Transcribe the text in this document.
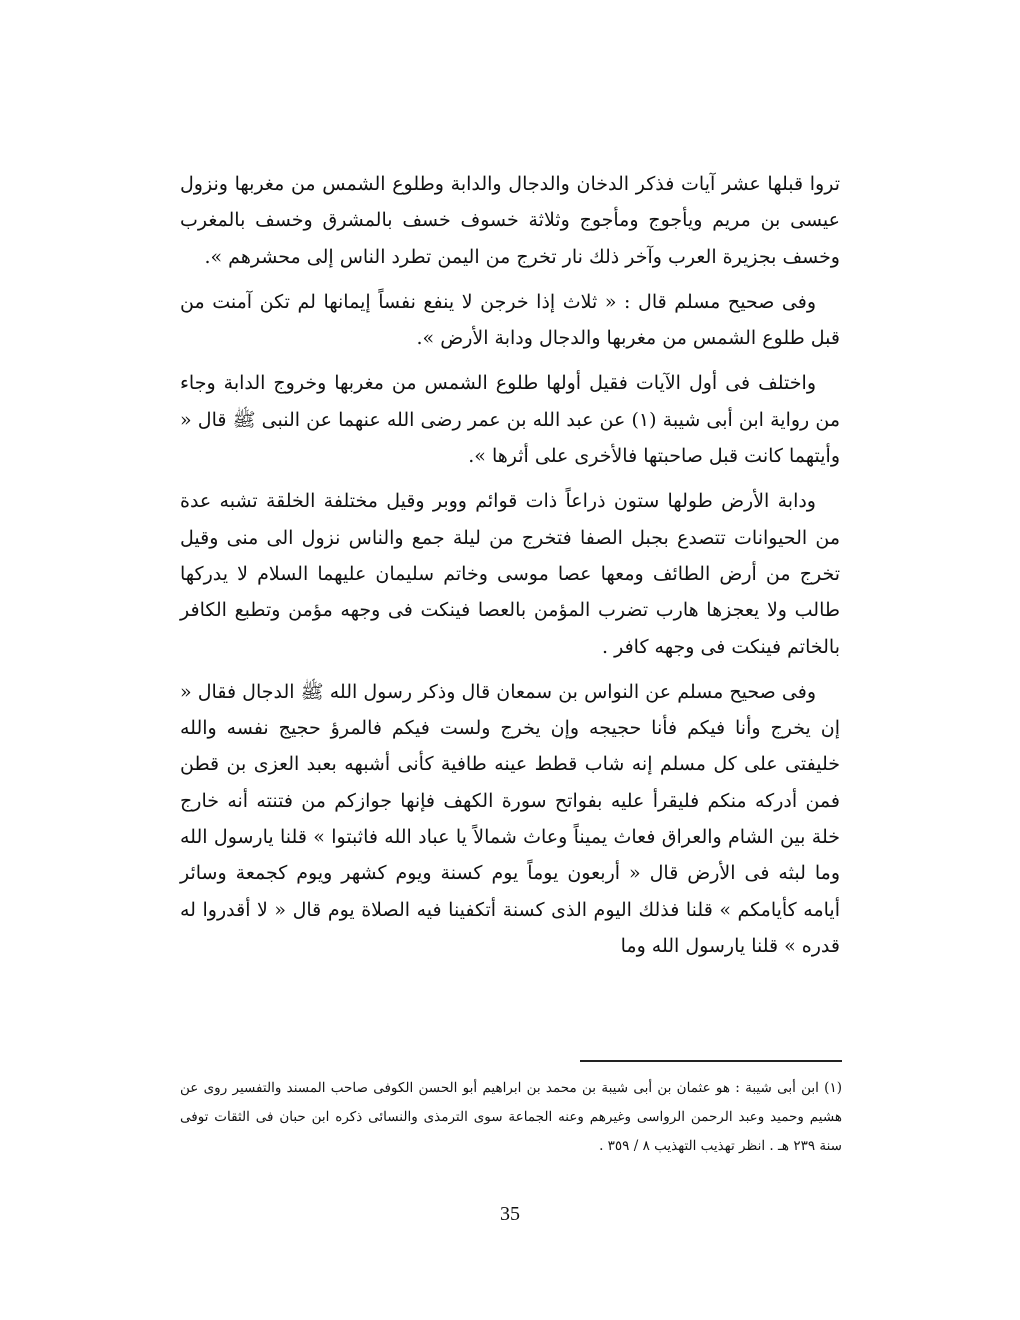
تروا قبلها عشر آيات فذكر الدخان والدجال والدابة وطلوع الشمس من مغربها ونزول عيسى بن مريم ويأجوج ومأجوج وثلاثة خسوف خسف بالمشرق وخسف بالمغرب وخسف بجزيرة العرب وآخر ذلك نار تخرج من اليمن تطرد الناس إلى محشرهم ».

وفى صحيح مسلم قال : « ثلاث إذا خرجن لا ينفع نفساً إيمانها لم تكن آمنت من قبل طلوع الشمس من مغربها والدجال ودابة الأرض ».

واختلف فى أول الآيات فقيل أولها طلوع الشمس من مغربها وخروج الدابة وجاء من رواية ابن أبى شيبة (١) عن عبد الله بن عمر رضى الله عنهما عن النبى ﷺ قال « وأيتهما كانت قبل صاحبتها فالأخرى على أثرها ».

ودابة الأرض طولها ستون ذراعاً ذات قوائم ووبر وقيل مختلفة الخلقة تشبه عدة من الحيوانات تتصدع بجبل الصفا فتخرج من ليلة جمع والناس نزول الى منى وقيل تخرج من أرض الطائف ومعها عصا موسى وخاتم سليمان عليهما السلام لا يدركها طالب ولا يعجزها هارب تضرب المؤمن بالعصا فينكت فى وجهه مؤمن وتطبع الكافر بالخاتم فينكت فى وجهه كافر .

وفى صحيح مسلم عن النواس بن سمعان قال وذكر رسول الله ﷺ الدجال فقال « إن يخرج وأنا فيكم فأنا حجيجه وإن يخرج ولست فيكم فالمرؤ حجيج نفسه والله خليفتى على كل مسلم إنه شاب قطط عينه طافية كأنى أشبهه بعبد العزى بن قطن فمن أدركه منكم فليقرأ عليه بفواتح سورة الكهف فإنها جوازكم من فتنته أنه خارج خلة بين الشام والعراق فعاث يميناً وعاث شمالاً يا عباد الله فاثبتوا » قلنا يارسول الله وما لبثه فى الأرض قال « أربعون يوماً يوم كسنة ويوم كشهر ويوم كجمعة وسائر أيامه كأيامكم » قلنا فذلك اليوم الذى كسنة أتكفينا فيه الصلاة يوم قال « لا أقدروا له قدره » قلنا يارسول الله وما

(١) ابن أبى شيبة : هو عثمان بن أبى شيبة بن محمد بن ابراهيم أبو الحسن الكوفى صاحب المسند والتفسير روى عن هشيم وحميد وعبد الرحمن الرواسى وغيرهم وعنه الجماعة سوى الترمذى والنسائى ذكره ابن حبان فى الثقات توفى سنة ٢٣٩ هـ . انظر تهذيب التهذيب ٨ / ٣٥٩ .
35
